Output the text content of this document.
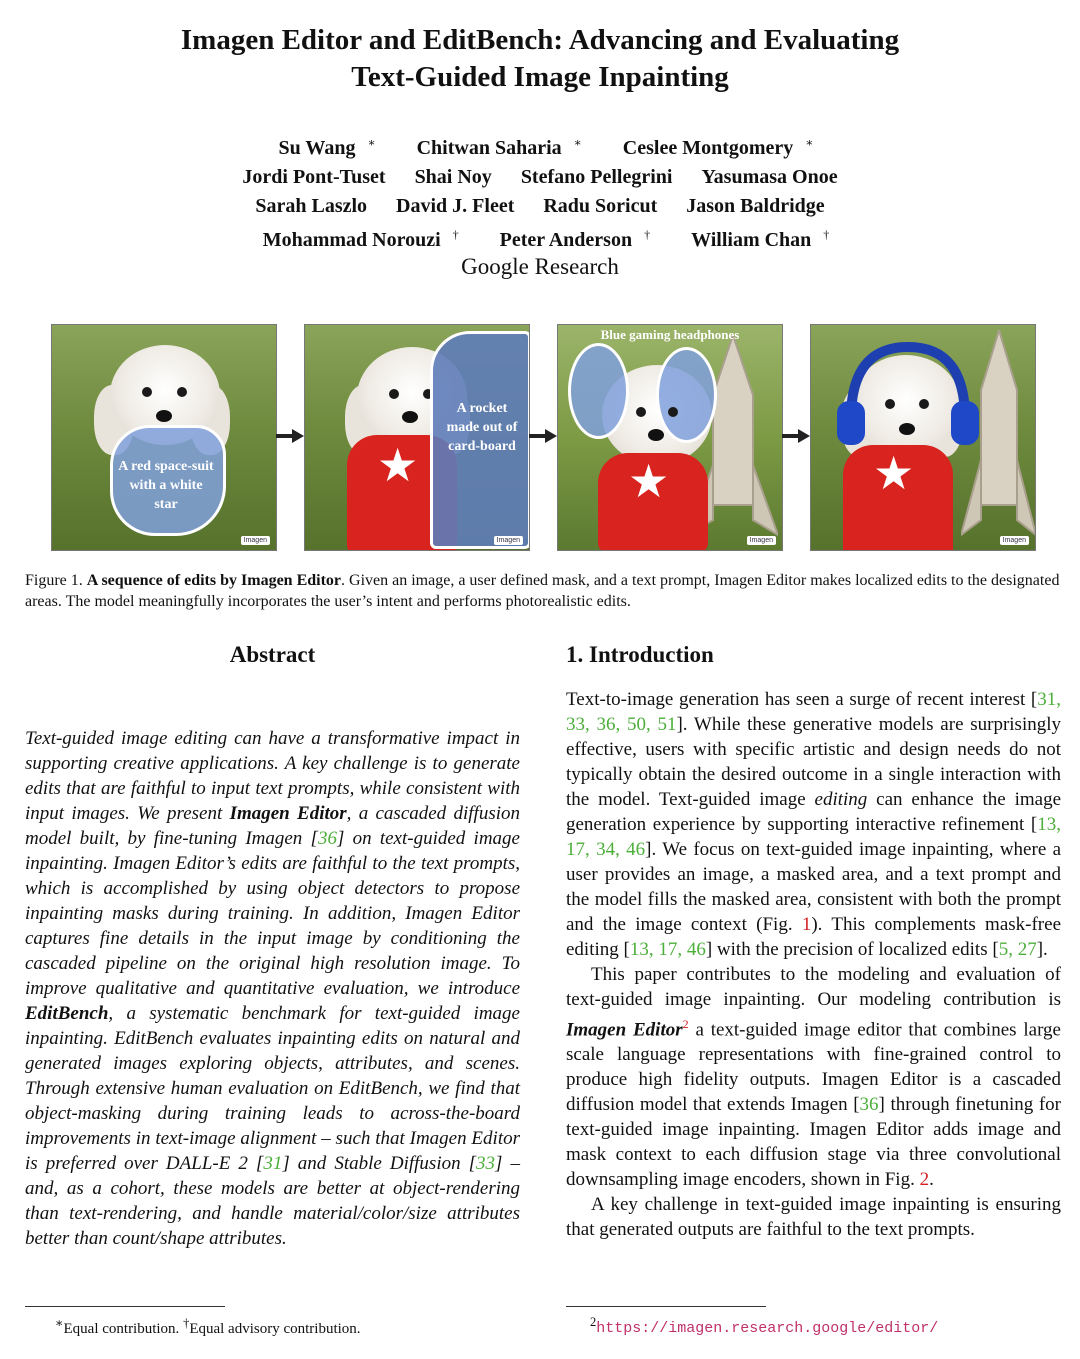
Imagen Editor and EditBench: Advancing and Evaluating
Text-Guided Image Inpainting
Su Wang ∗ Chitwan Saharia ∗ Ceslee Montgomery ∗
Jordi Pont-Tuset Shai Noy Stefano Pellegrini Yasumasa Onoe
Sarah Laszlo David J. Fleet Radu Soricut Jason Baldridge
Mohammad Norouzi † Peter Anderson † William Chan †
Google Research
A red space-suit with a white star
Imagen
★
A rocket made out of card-board
Imagen
★
Blue gaming headphones
Imagen
★
Imagen
Figure 1. A sequence of edits by Imagen Editor. Given an image, a user defined mask, and a text prompt, Imagen Editor makes localized edits to the designated areas. The model meaningfully incorporates the user’s intent and performs photorealistic edits.
Abstract	1. Introduction

Text-guided image editing can have a transformative impact in supporting creative applications. A key challenge is to generate edits that are faithful to input text prompts, while consistent with input images. We present Imagen Editor, a cascaded diffusion model built, by fine-tuning Imagen [36] on text-guided image inpainting. Imagen Editor’s edits are faithful to the text prompts, which is accomplished by using object detectors to propose inpainting masks during training. In addition, Imagen Editor captures fine details in the input image by conditioning the cascaded pipeline on the original high resolution image. To improve qualitative and quantitative evaluation, we introduce EditBench, a systematic benchmark for text-guided image inpainting. EditBench evaluates inpainting edits on natural and generated images exploring objects, attributes, and scenes. Through extensive human evaluation on EditBench, we find that object-masking during training leads to across-the-board improvements in text-image alignment – such that Imagen Editor is preferred over DALL-E 2 [31] and Stable Diffusion [33] – and, as a cohort, these models are better at object-rendering than text-rendering, and handle material/color/size attributes better than count/shape attributes.

Text-to-image generation has seen a surge of recent interest [31, 33, 36, 50, 51]. While these generative models are surprisingly effective, users with specific artistic and design needs do not typically obtain the desired outcome in a single interaction with the model. Text-guided image editing can enhance the image generation experience by supporting interactive refinement [13, 17, 34, 46]. We focus on text-guided image inpainting, where a user provides an image, a masked area, and a text prompt and the model fills the masked area, consistent with both the prompt and the image context (Fig. 1). This complements mask-free editing [13, 17, 46] with the precision of localized edits [5, 27].

This paper contributes to the modeling and evaluation of text-guided image inpainting. Our modeling contribution is Imagen Editor$^2$ a text-guided image editor that combines large scale language representations with fine-grained control to produce high fidelity outputs. Imagen Editor is a cascaded diffusion model that extends Imagen [36] through finetuning for text-guided image inpainting. Imagen Editor adds image and mask context to each diffusion stage via three convolutional downsampling image encoders, shown in Fig. 2.

A key challenge in text-guided image inpainting is ensuring that generated outputs are faithful to the text prompts.

∗Equal contribution. †Equal advisory contribution.	$^2$https://imagen.research.google/editor/
